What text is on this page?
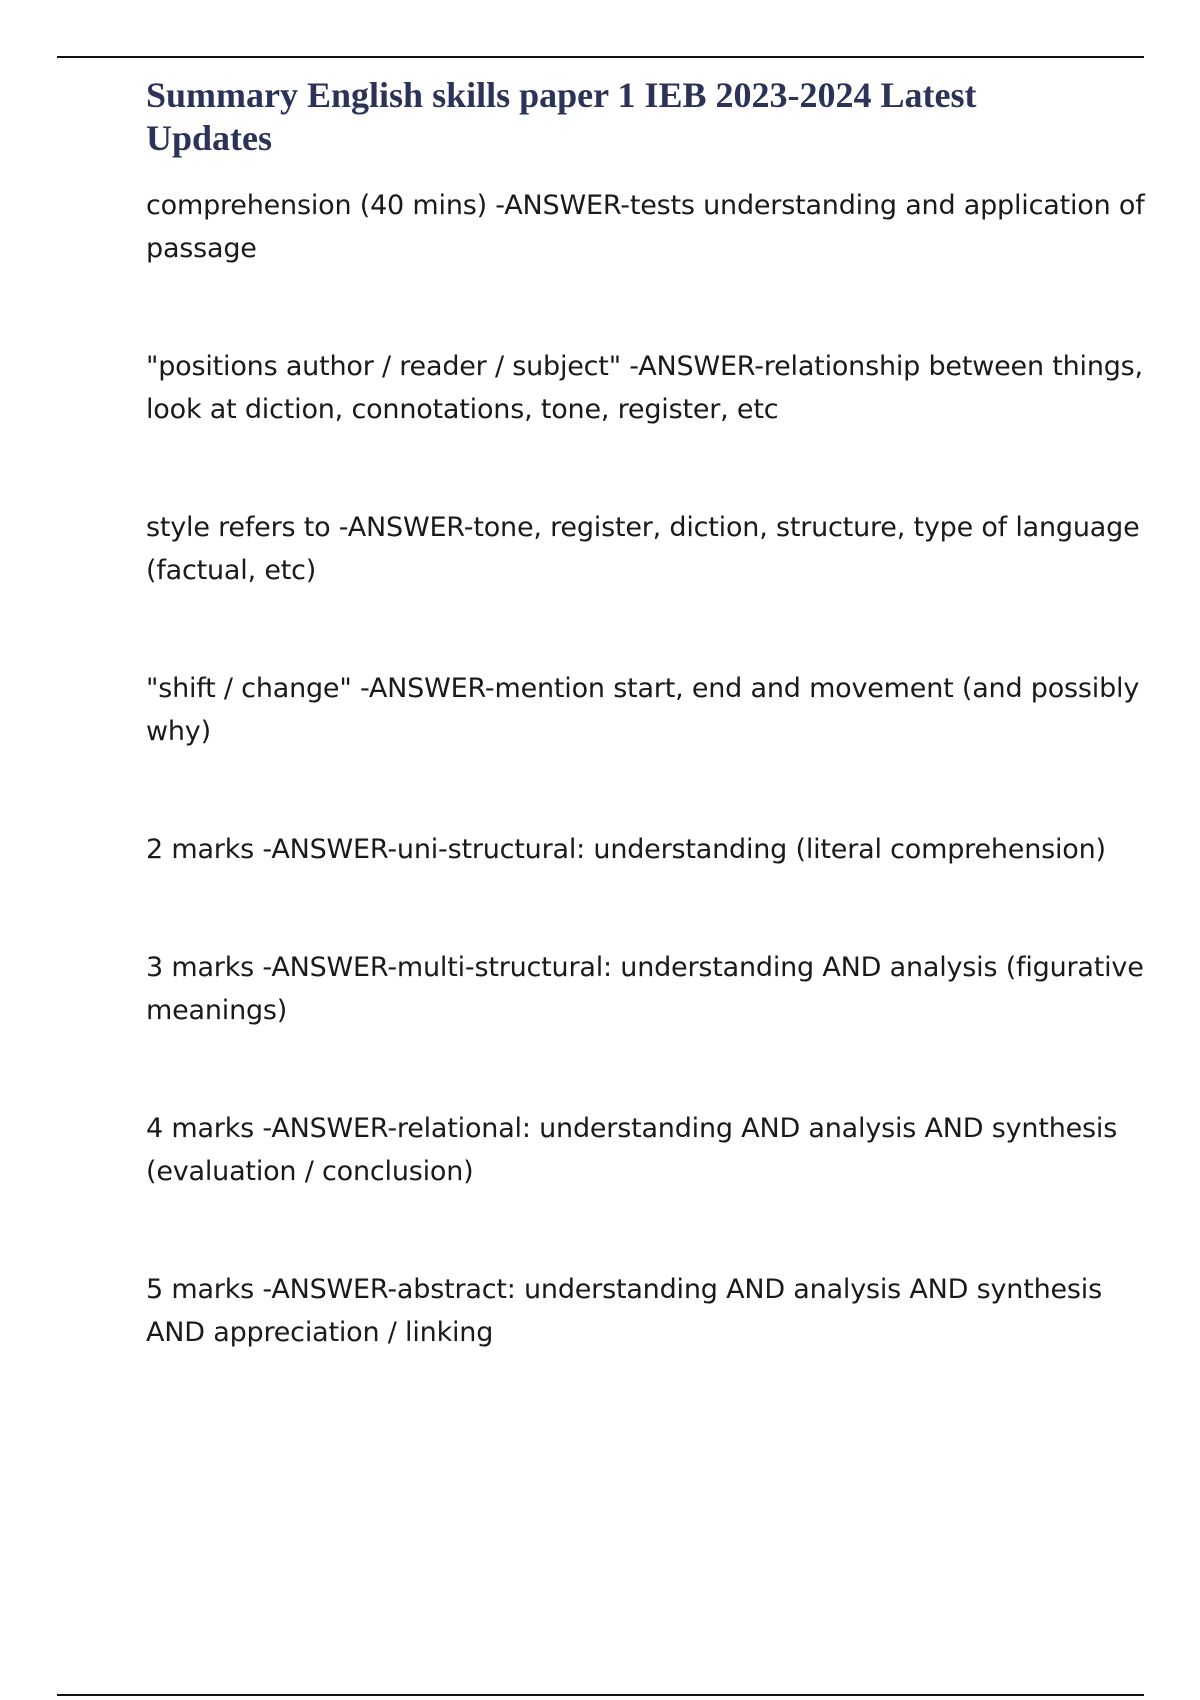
Summary English skills paper 1 IEB 2023-2024 Latest Updates
comprehension (40 mins) -ANSWER-tests understanding and application of passage
"positions author / reader / subject" -ANSWER-relationship between things, look at diction, connotations, tone, register, etc
style refers to -ANSWER-tone, register, diction, structure, type of language (factual, etc)
"shift / change" -ANSWER-mention start, end and movement (and possibly why)
2 marks -ANSWER-uni-structural: understanding (literal comprehension)
3 marks -ANSWER-multi-structural: understanding AND analysis (figurative meanings)
4 marks -ANSWER-relational: understanding AND analysis AND synthesis (evaluation / conclusion)
5 marks -ANSWER-abstract: understanding AND analysis AND synthesis AND appreciation / linking
